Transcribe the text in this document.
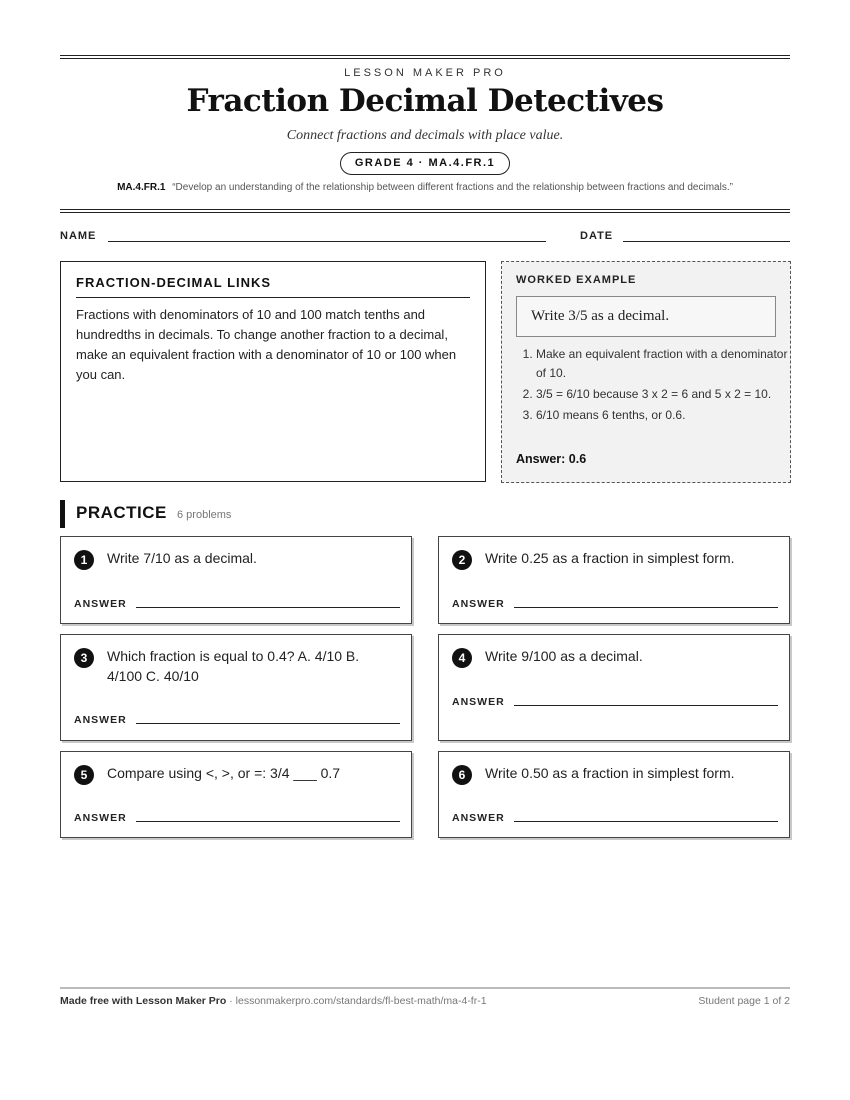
LESSON MAKER PRO
Fraction Decimal Detectives
Connect fractions and decimals with place value.
GRADE 4 · MA.4.FR.1
MA.4.FR.1 “Develop an understanding of the relationship between different fractions and the relationship between fractions and decimals.”
NAME	DATE
FRACTION-DECIMAL LINKS
Fractions with denominators of 10 and 100 match tenths and hundredths in decimals. To change another fraction to a decimal, make an equivalent fraction with a denominator of 10 or 100 when you can.
WORKED EXAMPLE
Write 3/5 as a decimal.
1. Make an equivalent fraction with a denominator of 10.
2. 3/5 = 6/10 because 3 x 2 = 6 and 5 x 2 = 10.
3. 6/10 means 6 tenths, or 0.6.
Answer: 0.6
PRACTICE 6 problems
1	Write 7/10 as a decimal.
ANSWER
2	Write 0.25 as a fraction in simplest form.
ANSWER
3	Which fraction is equal to 0.4? A. 4/10 B. 4/100 C. 40/10
ANSWER
4	Write 9/100 as a decimal.
ANSWER
5	Compare using <, >, or =: 3/4 ___ 0.7
ANSWER
6	Write 0.50 as a fraction in simplest form.
ANSWER
Made free with Lesson Maker Pro · lessonmakerpro.com/standards/fl-best-math/ma-4-fr-1	Student page 1 of 2
